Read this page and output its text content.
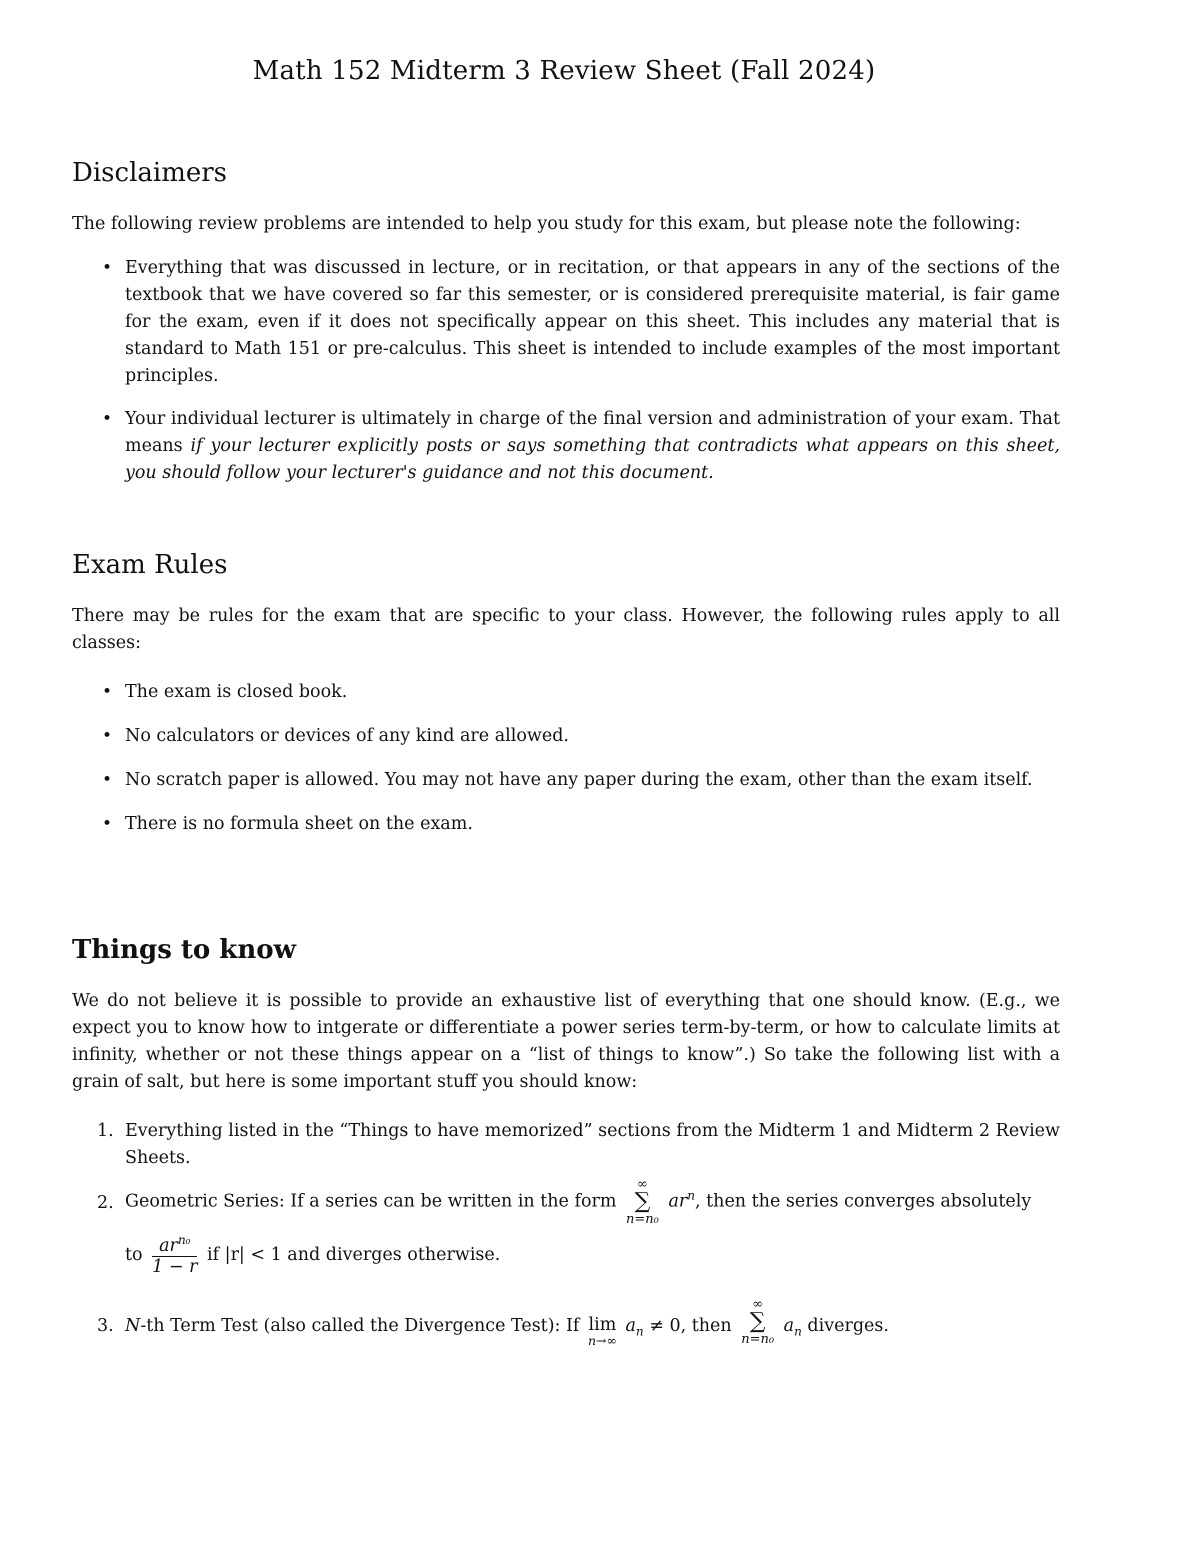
Math 152 Midterm 3 Review Sheet (Fall 2024)
Disclaimers

The following review problems are intended to help you study for this exam, but please note the following:

• Everything that was discussed in lecture, or in recitation, or that appears in any of the sections of the textbook that we have covered so far this semester, or is considered prerequisite material, is fair game for the exam, even if it does not specifically appear on this sheet. This includes any material that is standard to Math 151 or pre-calculus. This sheet is intended to include examples of the most important principles.
• Your individual lecturer is ultimately in charge of the final version and administration of your exam. That means if your lecturer explicitly posts or says something that contradicts what appears on this sheet, you should follow your lecturer's guidance and not this document.
Exam Rules

There may be rules for the exam that are specific to your class. However, the following rules apply to all classes:

• The exam is closed book.
• No calculators or devices of any kind are allowed.
• No scratch paper is allowed. You may not have any paper during the exam, other than the exam itself.
• There is no formula sheet on the exam.
Things to know

We do not believe it is possible to provide an exhaustive list of everything that one should know. (E.g., we expect you to know how to intgerate or differentiate a power series term-by-term, or how to calculate limits at infinity, whether or not these things appear on a “list of things to know”.) So take the following list with a grain of salt, but here is some important stuff you should know:

1. Everything listed in the “Things to have memorized” sections from the Midterm 1 and Midterm 2 Review Sheets.
2. Geometric Series: If a series can be written in the form
∞
∑
n=n₀
$ar^n$, then the series converges absolutely
to $\frac{ar^{n_0}}{1 - r}$ if |r| < 1 and diverges otherwise.
3. N-th Term Test (also called the Divergence Test): If lim
n→∞
$a_n \ne 0$, then
∞
∑
n=n₀
$a_n$ diverges.
